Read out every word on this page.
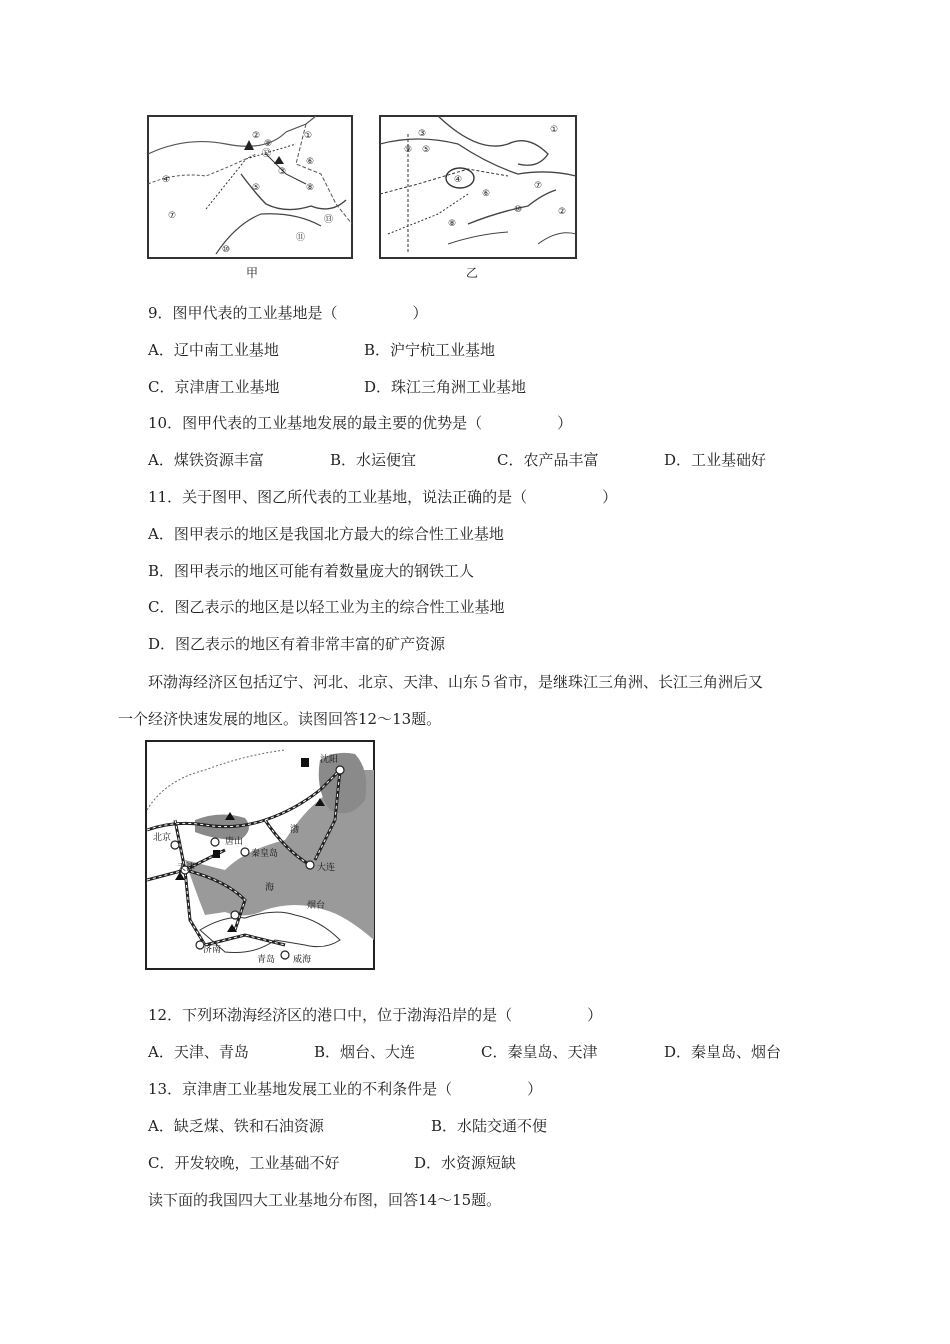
①
②
③
④
⑤
⑥
⑦
⑧
⑨
⑩
⑪
⑫
⑬
甲
①
②
③
④
⑤
⑥
⑦
⑧
⑨
⑩
乙
9．图甲代表的工业基地是（　　　　　）
A．辽中南工业基地	B．沪宁杭工业基地
C．京津唐工业基地	D．珠江三角洲工业基地
10．图甲代表的工业基地发展的最主要的优势是（　　　　　）
A．煤铁资源丰富	B．水运便宜	C．农产品丰富	D．工业基础好
11．关于图甲、图乙所代表的工业基地，说法正确的是（　　　　　）
A．图甲表示的地区是我国北方最大的综合性工业基地
B．图甲表示的地区可能有着数量庞大的钢铁工人
C．图乙表示的地区是以轻工业为主的综合性工业基地
D．图乙表示的地区有着非常丰富的矿产资源
环渤海经济区包括辽宁、河北、北京、天津、山东５省市，是继珠江三角洲、长江三角洲后又
一个经济快速发展的地区。读图回答12～13题。
沈阳
北京	唐山
秦皇岛
天津	大连
渤
海
烟台
济南
青岛 威海
12．下列环渤海经济区的港口中，位于渤海沿岸的是（　　　　　）
A．天津、青岛	B．烟台、大连	C．秦皇岛、天津	D．秦皇岛、烟台
13．京津唐工业基地发展工业的不利条件是（　　　　　）
A．缺乏煤、铁和石油资源	B．水陆交通不便
C．开发较晚，工业基础不好	D．水资源短缺
读下面的我国四大工业基地分布图，回答14～15题。
